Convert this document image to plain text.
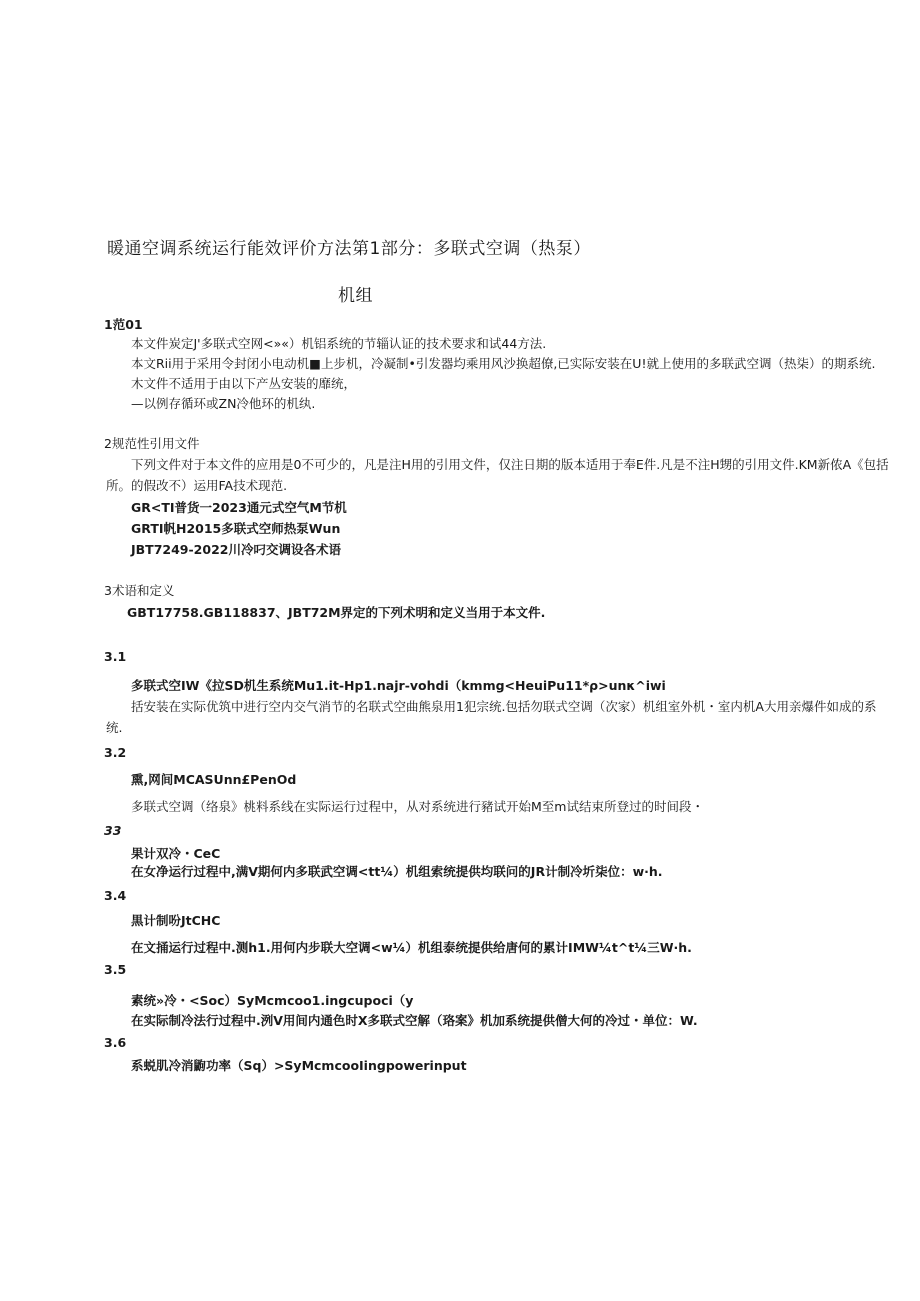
暖通空调系统运行能效评价方法第1部分：多联式空调（热泵）
机组
1范01
本文件炭定J'多联式空网<»«）机铝系统的节辎认证的技术要求和试44方法.
本文Rii用于采用令封闭小电动机■上步机，冷凝制•引发器均乘用风沙换超僚,已实际安装在U!就上使用的多联武空调（热柒）的期系统.
木文件不适用于由以下产丛安装的靡统，
—以例存循环或ZN冷他环的机纨.
2规范性引用文件
下列文件对于本文件的应用是0不可少的，凡是注H用的引用文件，仅注日期的版本适用于奉E件.凡是不注H甥的引用文件.KM新侬A《包括
所。的假改不）运用FA技术现范.
GR<TI普货一2023通元式空气M节机
GRTI帆H2015多联式空师热泵Wun
JBT7249-2022川冷叼交调设各术语
3术语和定义
GBT17758.GB118837、JBT72M界定的下列术明和定义当用于本文件.
3.1
多联式空IW《拉SD机生系统Mu1.it-Hp1.najr-vohdi（kmmg<HeuiPu11*ρ>unκ^iwi
括安装在实际优筑中进行空内交气消节的名联式空曲熊泉用1犯宗统.包括勿联式空调（次家）机组室外机・室内机A大用亲爆件如成的系
统.
3.2
熏,网间MCASUnn£PenOd
多联式空调（络泉》桃料系线在实际运行过程中，从对系统进行豬试开始M至m试结束所登过的时间段・
33
果计双冷・CeC
在女净运行过程中,满V期何内多联武空调<tt¼）机组索统提供均联问的JR计制冷圻柒位：w·h.
3.4
黒计制吩JtCHC
在文捅运行过程中.测h1.用何内步联大空调<w¼）机组泰统提供给唐何的累计IMW¼t^t¼三W·h.
3.5
素统»冷・<Soc）SyMcmcoo1.ingcupoci（y
在实际制冷法行过程中.洌V用间内通色时X多联式空解（珞案》机加系统提供僧大何的冷过・单位：W.
3.6
系蜕肌冷消鼩功率（Sq）>SyMcmcooIingpowerinput
